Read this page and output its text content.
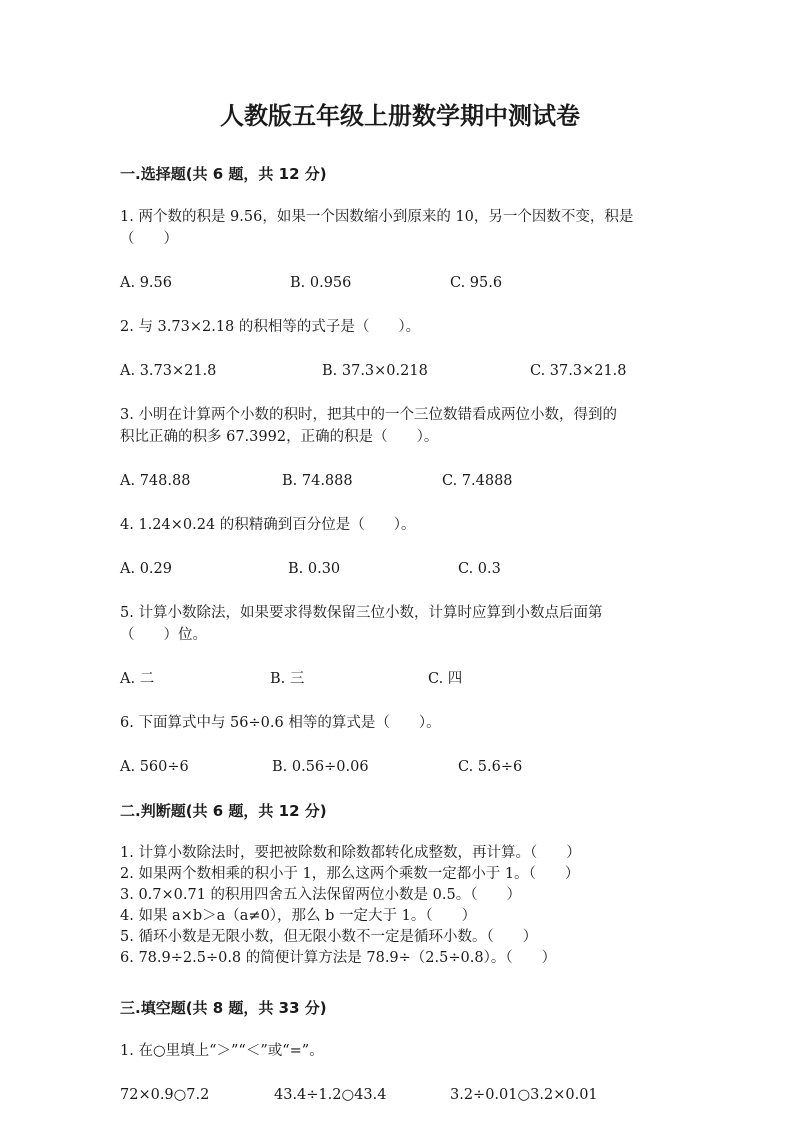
人教版五年级上册数学期中测试卷
一.选择题(共 6 题，共 12 分)
1. 两个数的积是 9.56，如果一个因数缩小到原来的 10，另一个因数不变，积是
（　　）
A. 9.56	B. 0.956	C. 95.6
2. 与 3.73×2.18 的积相等的式子是（　　）。
A. 3.73×21.8	B. 37.3×0.218	C. 37.3×21.8
3. 小明在计算两个小数的积时，把其中的一个三位数错看成两位小数，得到的
积比正确的积多 67.3992，正确的积是（　　）。
A. 748.88	B. 74.888	C. 7.4888
4. 1.24×0.24 的积精确到百分位是（　　）。
A. 0.29	B. 0.30	C. 0.3
5. 计算小数除法，如果要求得数保留三位小数，计算时应算到小数点后面第
（　　）位。
A. 二	B. 三	C. 四
6. 下面算式中与 56÷0.6 相等的算式是（　　）。
A. 560÷6	B. 0.56÷0.06	C. 5.6÷6
二.判断题(共 6 题，共 12 分)
1. 计算小数除法时，要把被除数和除数都转化成整数，再计算。（　　）
2. 如果两个数相乘的积小于 1，那么这两个乘数一定都小于 1。（　　）
3. 0.7×0.71 的积用四舍五入法保留两位小数是 0.5。（　　）
4. 如果 a×b＞a（a≠0），那么 b 一定大于 1。（　　）
5. 循环小数是无限小数，但无限小数不一定是循环小数。（　　）
6. 78.9÷2.5÷0.8 的简便计算方法是 78.9÷（2.5÷0.8）。（　　）
三.填空题(共 8 题，共 33 分)
1. 在○里填上“＞”“＜”或“=”。
72×0.9○7.2	43.4÷1.2○43.4	3.2÷0.01○3.2×0.01
